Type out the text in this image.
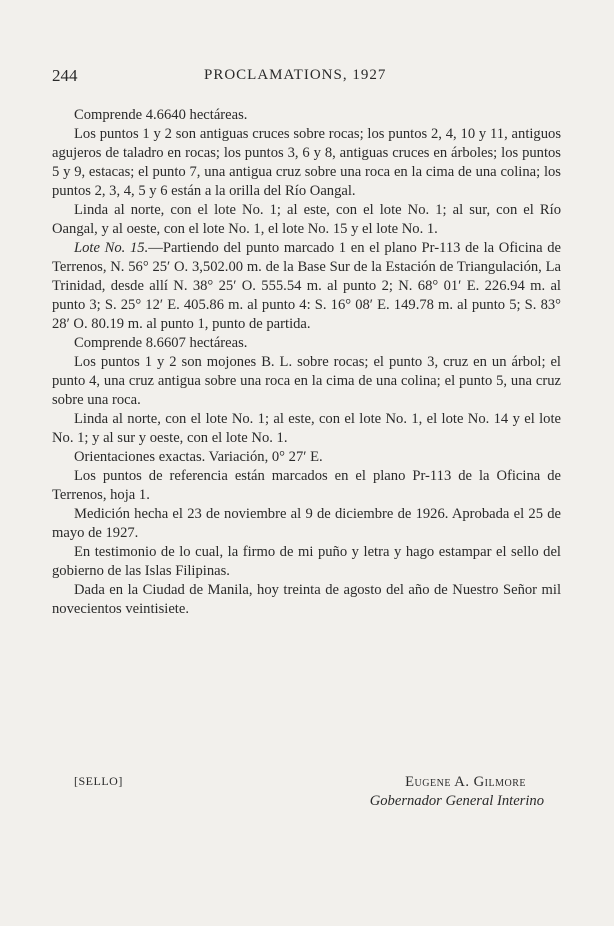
244	PROCLAMATIONS, 1927

Comprende 4.6640 hectáreas.

Los puntos 1 y 2 son antiguas cruces sobre rocas; los puntos 2, 4, 10 y 11, antiguos agujeros de taladro en rocas; los puntos 3, 6 y 8, antiguas cruces en árboles; los puntos 5 y 9, estacas; el punto 7, una antigua cruz sobre una roca en la cima de una colina; los puntos 2, 3, 4, 5 y 6 están a la orilla del Río Oangal.

Linda al norte, con el lote No. 1; al este, con el lote No. 1; al sur, con el Río Oangal, y al oeste, con el lote No. 1, el lote No. 15 y el lote No. 1.

Lote No. 15.—Partiendo del punto marcado 1 en el plano Pr-113 de la Oficina de Terrenos, N. 56° 25′ O. 3,502.00 m. de la Base Sur de la Estación de Triangulación, La Trinidad, desde allí N. 38° 25′ O. 555.54 m. al punto 2; N. 68° 01′ E. 226.94 m. al punto 3; S. 25° 12′ E. 405.86 m. al punto 4: S. 16° 08′ E. 149.78 m. al punto 5; S. 83° 28′ O. 80.19 m. al punto 1, punto de partida.

Comprende 8.6607 hectáreas.

Los puntos 1 y 2 son mojones B. L. sobre rocas; el punto 3, cruz en un árbol; el punto 4, una cruz antigua sobre una roca en la cima de una colina; el punto 5, una cruz sobre una roca.

Linda al norte, con el lote No. 1; al este, con el lote No. 1, el lote No. 14 y el lote No. 1; y al sur y oeste, con el lote No. 1.

Orientaciones exactas. Variación, 0° 27′ E.

Los puntos de referencia están marcados en el plano Pr-113 de la Oficina de Terrenos, hoja 1.

Medición hecha el 23 de noviembre al 9 de diciembre de 1926. Aprobada el 25 de mayo de 1927.

En testimonio de lo cual, la firmo de mi puño y letra y hago estampar el sello del gobierno de las Islas Filipinas.

Dada en la Ciudad de Manila, hoy treinta de agosto del año de Nuestro Señor mil novecientos veintisiete.

[SELLO]	Eugene A. Gilmore
Gobernador General Interino
